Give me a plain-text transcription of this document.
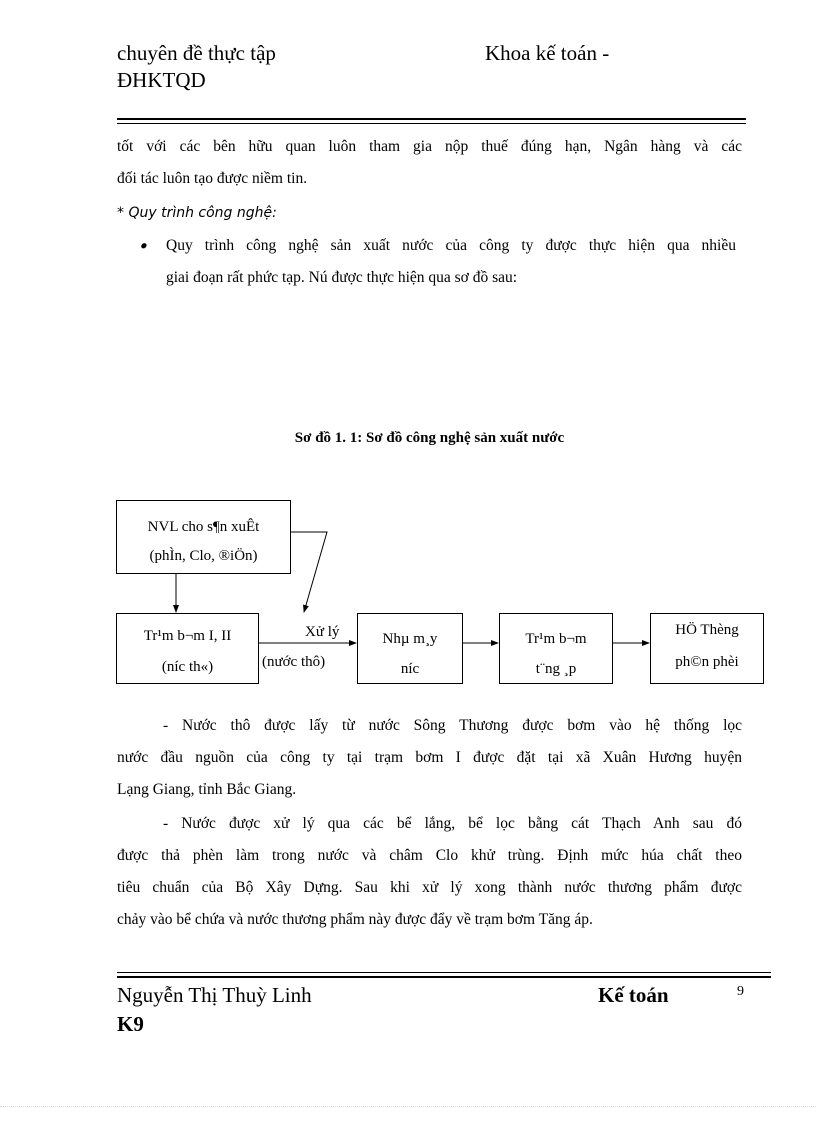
chuyên đề thực tập	Khoa kế toán -
ĐHKTQD
tốt với các bên hữu quan luôn tham gia nộp thuế đúng hạn, Ngân hàng và các
đối tác luôn tạo được niềm tin.
* Quy trình công nghệ:
• Quy trình công nghệ sản xuất nước của công ty được thực hiện qua nhiều
giai đoạn rất phức tạp. Nú được thực hiện qua sơ đồ sau:
Sơ đồ 1. 1: Sơ đồ công nghệ sản xuất nước
NVL cho s¶n xuÊt
(phÌn, Clo, ®iÖn)
Tr¹m b¬m I, II
(níc th«)
Xử lý
(nước thô)
Nhµ m¸y
níc
Tr¹m b¬m
t¨ng ¸p
HÖ Thèng
ph©n phèi
- Nước thô được lấy từ nước Sông Thương được bơm vào hệ thống lọc
nước đầu nguồn của công ty tại trạm bơm I được đặt tại xã Xuân Hương huyện
Lạng Giang, tỉnh Bắc Giang.
- Nước được xử lý qua các bể lắng, bể lọc bằng cát Thạch Anh sau đó
được thả phèn làm trong nước và châm Clo khử trùng. Định mức húa chất theo
tiêu chuẩn của Bộ Xây Dựng. Sau khi xử lý xong thành nước thương phẩm được
chảy vào bể chứa và nước thương phẩm này được đẩy về trạm bơm Tăng áp.
Nguyễn Thị Thuỳ Linh	Kế toán	9
K9
